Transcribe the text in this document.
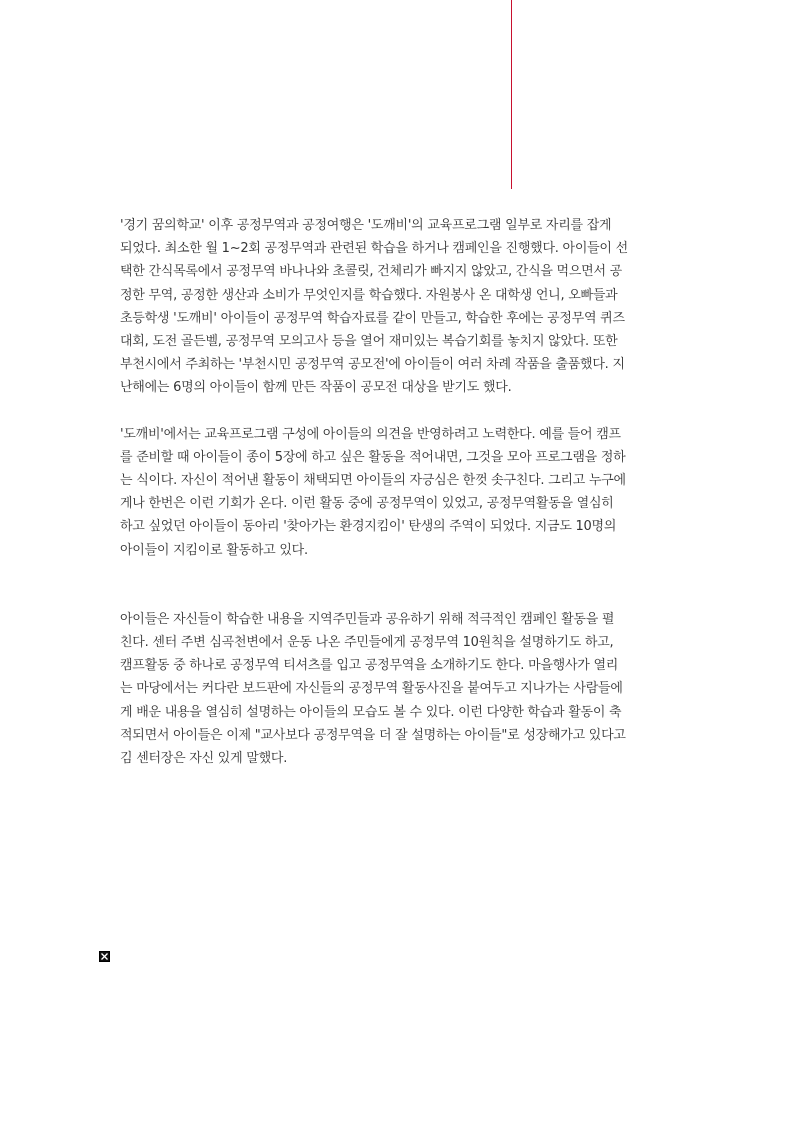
'경기 꿈의학교' 이후 공정무역과 공정여행은 '도깨비'의 교육프로그램 일부로 자리를 잡게
되었다. 최소한 월 1~2회 공정무역과 관련된 학습을 하거나 캠페인을 진행했다. 아이들이 선
택한 간식목록에서 공정무역 바나나와 초콜릿, 건체리가 빠지지 않았고, 간식을 먹으면서 공
정한 무역, 공정한 생산과 소비가 무엇인지를 학습했다. 자원봉사 온 대학생 언니, 오빠들과
초등학생 '도깨비' 아이들이 공정무역 학습자료를 같이 만들고, 학습한 후에는 공정무역 퀴즈
대회, 도전 골든벨, 공정무역 모의고사 등을 열어 재미있는 복습기회를 놓치지 않았다. 또한
부천시에서 주최하는 '부천시민 공정무역 공모전'에 아이들이 여러 차례 작품을 출품했다. 지
난해에는 6명의 아이들이 함께 만든 작품이 공모전 대상을 받기도 했다.

'도깨비'에서는 교육프로그램 구성에 아이들의 의견을 반영하려고 노력한다. 예를 들어 캠프
를 준비할 때 아이들이 종이 5장에 하고 싶은 활동을 적어내면, 그것을 모아 프로그램을 정하
는 식이다. 자신이 적어낸 활동이 채택되면 아이들의 자긍심은 한껏 솟구친다. 그리고 누구에
게나 한번은 이런 기회가 온다. 이런 활동 중에 공정무역이 있었고, 공정무역활동을 열심히
하고 싶었던 아이들이 동아리 '찾아가는 환경지킴이' 탄생의 주역이 되었다. 지금도 10명의
아이들이 지킴이로 활동하고 있다.

아이들은 자신들이 학습한 내용을 지역주민들과 공유하기 위해 적극적인 캠페인 활동을 펼
친다. 센터 주변 심곡천변에서 운동 나온 주민들에게 공정무역 10원칙을 설명하기도 하고,
캠프활동 중 하나로 공정무역 티셔츠를 입고 공정무역을 소개하기도 한다. 마을행사가 열리
는 마당에서는 커다란 보드판에 자신들의 공정무역 활동사진을 붙여두고 지나가는 사람들에
게 배운 내용을 열심히 설명하는 아이들의 모습도 볼 수 있다. 이런 다양한 학습과 활동이 축
적되면서 아이들은 이제 "교사보다 공정무역을 더 잘 설명하는 아이들"로 성장해가고 있다고
김 센터장은 자신 있게 말했다.
